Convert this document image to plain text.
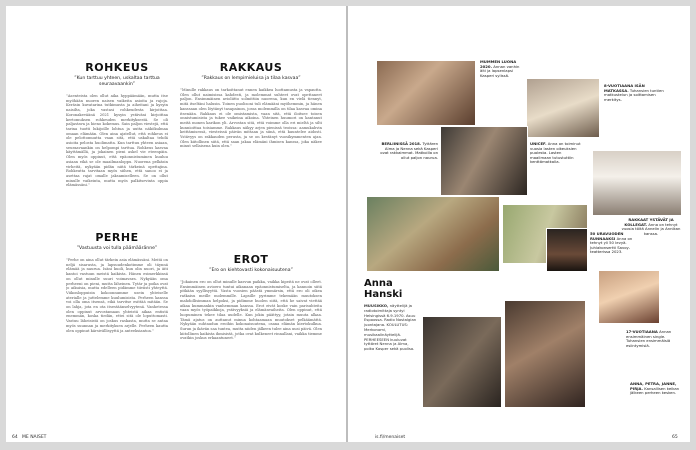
ROHKEUS
”Kun tarttuu yhteen, uskaltaa tarttua seuraavaankin”
”Asenteista olen ollut aika hyppäämään, mutta itse myöhään nuoren naisen vaikeita asioita ja rajoja. Keräsin kuvatarina tutkimusta ja aiheitani ja kysyin naisilta, joka vastasi rohkeudesta kirjoittaa. Koronakeväänä 2021 kysyin ystäväni kirjoittaa kertomuksen rohkeuden merkityksestä. Se oli paljastava ja hieno kokemus. Sain paljon viestejä, että tarina tuotti lukijoille lohtua ja uutta näkökulmaa omaan elämään. Olen aina ajatellut, että rohkeus ei ole pelottomuutta vaan sitä, että uskaltaa tehdä asioita pelosta huolimatta. Kun tarttuu yhteen asiaan, seuraavaankin on helpompi tarttua. Rohkeus kasvaa käyttämällä, ja jokainen pieni askel vie eteenpäin. Olen myös oppinut, että epäonnistuminen kuuluu asiaan eikä se ole maailmanloppu. Nuorena pelkäsin virheitä, nykyään pidän niitä tärkeinä opettajina. Rohkeutta tarvitaan myös siihen, että sanoo ei ja asettaa rajat omalle jaksamiselleen. Se on ollut minulle vaikeinta, mutta myös palkitsevinta oppia elämässäni.”
PERHE
”Vastuusta voi tulla päämääränne”
”Perhe on aina ollut tärkein asia elämässäni. Meitä on neljä sisarusta, ja lapsuudenkotimme oli täynnä elämää ja naurua. Isäni kuoli, kun olin nuori, ja äiti kantoi vastuun meistä kaikista. Hänen esimerkkinsä on ollut minulle suuri voimavara. Nykyään oma perheeni on pieni, mutta läheinen. Tytär ja poika ovat jo aikuisia, mutta edelleen pidämme tiiviisti yhteyttä. Viikonloppuisin kokoonnumme usein yhteiselle aterialle ja juttelemme kuulumisista. Perheen kanssa voi olla oma itsensä, eikä tarvitse esittää mitään. Se on lahja, jota en ota itsestäänselvyytenä. Vanhetessa olen oppinut arvostamaan yhteistä aikaa entistä enemmän, koska tiedän, ettei sitä ole loputtomasti. Vastuu läheisistä on joskus raskasta, mutta se antaa myös suunnan ja merkityksen arjelle. Perheen kautta olen oppinut kärsivällisyyttä ja anteeksiantoa.”
RAKKAUS
”Rakkaus on lempimieluisa ja tilaa kasvaa”
”Minulle rakkaus on tarkoittanut ennen kaikkea luottamusta ja vapautta. Olen ollut naimisissa kahdesti, ja molemmat suhteet ovat opettaneet paljon. Ensimmäinen avioliitto solmittiin nuorena, kun en vielä tiennyt, mitä itseltäni halusin. Toinen puolisoni tuli elämääni myöhemmin, ja hänen kanssaan olen löytänyt tasapainon, jossa molemmilla on tilaa kasvaa omina itsenään. Rakkaus ei ole omistamista, vaan sitä, että iloitsee toisen onnistumisista ja tukee vaikeina aikoina. Yhteinen huumori on kantanut meitä monen karikon yli. Arvostan sitä, että voimme olla eri mieltä ja silti kunnioittaa toisiamme. Rakkaus näkyy arjen pienissä teoissa: aamukahvin keittämisessä, viesteissä päivän mittaan ja siinä, että kuuntelee aidosti. Ystävyys on rakkauden perusta, ja se on kestänyt vuosikymmenten ajan. Olen kiitollinen siitä, että saan jakaa elämäni ihmisen kanssa, joka näkee minut sellaisena kuin olen.”
EROT
”Ero on kiehtovasti kokonaisuutena”
”Jokainen ero on ollut minulle kasvun paikka, vaikka kipeitä ne ovat olleet. Ensimmäinen avioero tuntui aikanaan epäonnistumiselta, ja kannoin siitä pitkään syyllisyyttä. Vasta vuosien päästä ymmärsin, että ero oli oikea ratkaisu meille molemmille. Lapsille pyrimme tekemään muutoksen mahdollisimman helpoksi, ja pidimme huolen siitä, että he saivat viettää aikaa kummankin vanhemman kanssa. Erot eivät koske vain parisuhteita vaan myös työpaikkoja, ystävyyksiä ja elämänvaiheita. Olen oppinut, että luopuminen tekee tilaa uudelle. Kun jokin päättyy, jotain muuta alkaa. Tämä ajatus on auttanut minua kohtaamaan muutokset pelkäämättä. Nykyään suhtaudun eroihin kokonaisuutena, osana elämän kiertokulkua. Surun ja ikävän saa tuntea, mutta niiden jälkeen tulee aina uusi päivä. Olen kiitollinen kaikista ihmisistä, jotka ovat kulkeneet rinnallani, vaikka tiemme ovatkin joskus erkaantuneet.”
64 ME NAISET
MUMMEN LUONA 2020. Annan vanhin äiti ja lapsenlapsi Kasperi sylissä.
8-VUOTIAANA ISÄN MATKASSA. Tuhansien tuntien matkustelun ja soittamisen merkitys.
BERLIINISSÄ 2018. Tyttären Alma ja Nenna sekä Kasperi ovat rakkaimmat. Matkoilla on ollut paljon naurua.
UNICEF. Anna on toiminut vuosia lasten oikeuksien puolesta. Lasten maailmaan tutustuttiin kenttämatkalla.
RAKKAAT YSTÄVÄT JA KOLLEGAT. Anna on tehnyt vuosia töitä Annelin ja Annikan kanssa.
50 URAVUODEN RUNNAAKSI Anna on tehnyt yli 50 levyä. Juhlakonsertti Savoy-teatterissa 2023.
17-VUOTIAANA Annan ensimmäinen single. Tuhansien ensimmäisiä esiintymisiä.
ANNA, PETRA, JANNE, PIRJA. Kansallisen keikan jälkeen perheen kesken.
Anna Hanski
MUUSIKKO, näyttelijä ja radiotoimittaja syntyi Helsingissä 6.9.1970. Asuu Espoossa. Radio Nostalgian juontajana. KOULUTUS: Merkonomi, musikaalinäyttelijä. PERHEESEEN kuuluvat tyttäret Nenna ja Alma, poika Kasper sekä puoliso.
is.fi/menaiset	65
